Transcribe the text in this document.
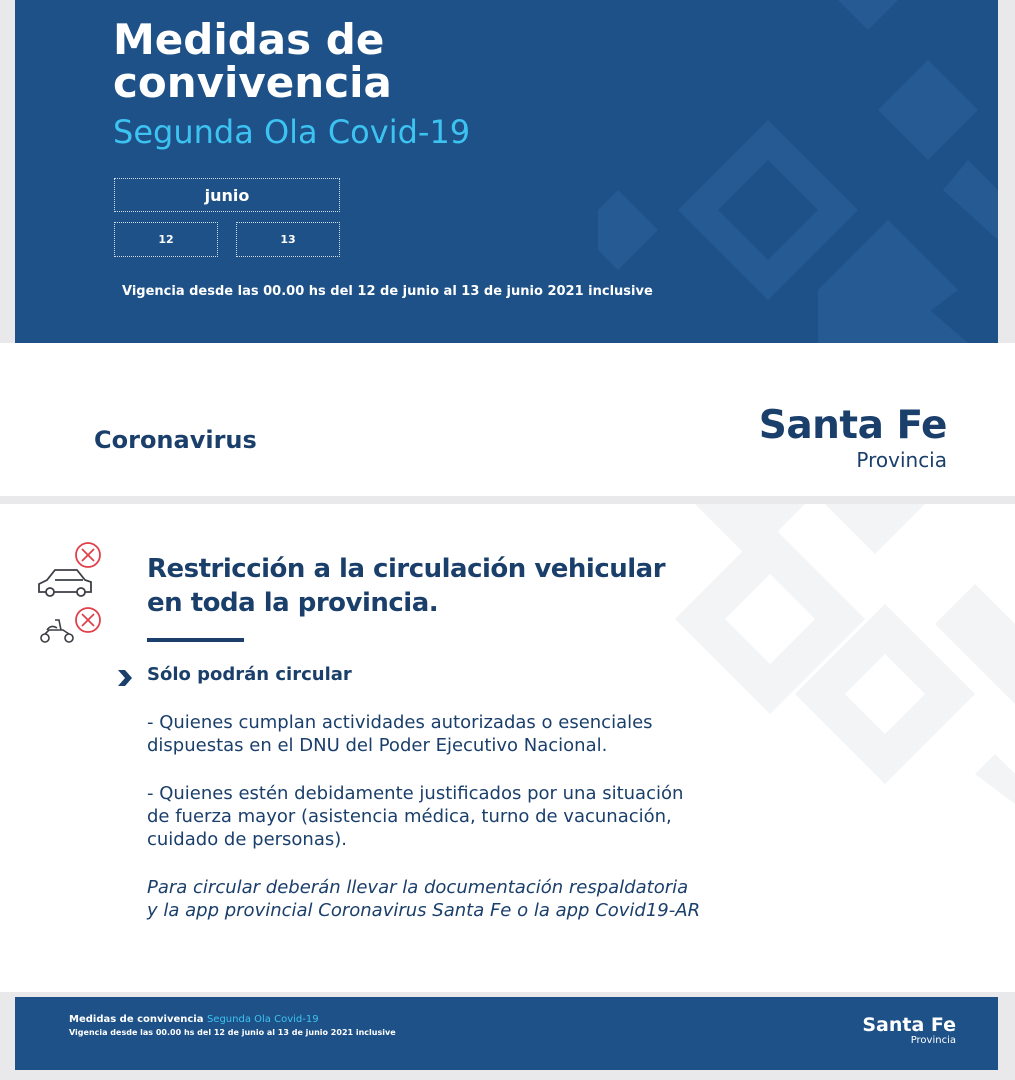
Medidas de
convivencia
Segunda Ola Covid-19
junio
12	13
Vigencia desde las 00.00 hs del 12 de junio al 13 de junio 2021 inclusive
Coronavirus	Santa Fe
Provincia
Restricción a la circulación vehicular
en toda la provincia.
Sólo podrán circular
- Quienes cumplan actividades autorizadas o esenciales
dispuestas en el DNU del Poder Ejecutivo Nacional.
- Quienes estén debidamente justificados por una situación
de fuerza mayor (asistencia médica, turno de vacunación,
cuidado de personas).
Para circular deberán llevar la documentación respaldatoria
y la app provincial Coronavirus Santa Fe o la app Covid19-AR
Medidas de convivencia Segunda Ola Covid-19
Vigencia desde las 00.00 hs del 12 de junio al 13 de junio 2021 inclusive	Santa Fe
Provincia
